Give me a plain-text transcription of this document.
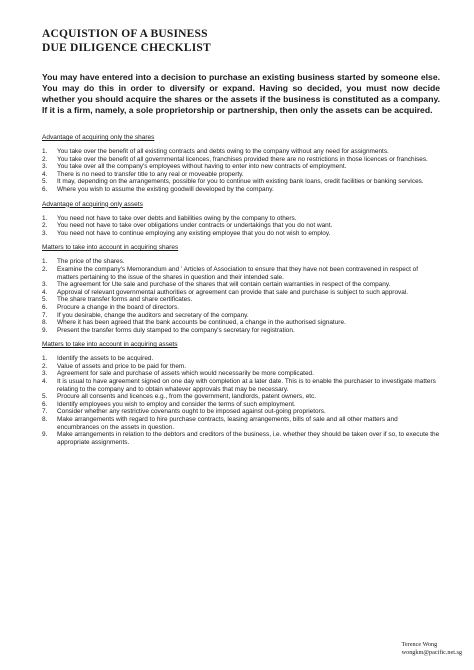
ACQUISTION OF A BUSINESS
DUE DILIGENCE CHECKLIST

You may have entered into a decision to purchase an existing business started by someone else. You may do this in order to diversify or expand. Having so decided, you must now decide whether you should acquire the shares or the assets if the business is constituted as a company. If it is a firm, namely, a sole proprietorship or partnership, then only the assets can be acquired.

Advantage of acquiring only the shares

1.	You take over the benefit of all existing contracts and debts owing to the company without any need for assignments.
2.	You take over the benefit of all governmental licences, franchises provided there are no restrictions in those licences or franchises.
3.	You take over all the company's employees without having to enter into new contracts of employment.
4.	There is no need to transfer title to any real or moveable property.
5.	It may, depending on the arrangements, possible for you to continue with existing bank loans, credit facilities or banking services.
6.	Where you wish to assume the existing goodwill developed by the company.

Advantage of acquiring only assets

1.	You need not have to take over debts and liabilities owing by the company to others.
2.	You need not have to take over obligations under contracts or undertakings that you do not want.
3.	You need not have to continue employing any existing employee that you do not wish to employ.

Matters to take into account in acquiring shares

1.	The price of the shares.
2.	Examine the company's Memorandum and ' Articles of Association to ensure that they have not been contravened in respect of matters pertaining to the issue of the shares in question and their intended sale.
3.	The agreement for Ute sale and purchase of the shares that will contain certain warranties in respect of the company.
4.	Approval of relevant governmental authorities or agreement can provide that sale and purchase is subject to such approval.
5.	The share transfer forms and share certificates.
6.	Procure a change in the board of directors.
7.	If you desirable, change the auditors and secretary of the company.
8.	Where it has been agreed that the bank accounts be continued, a change in the authorised signature.
9.	Present the transfer forms duly stamped to the company's secretary for registration.

Matters to take into account in acquiring assets

1.	Identify the assets to be acquired.
2.	Value of assets and price to be paid for them.
3.	Agreement for sale and purchase of assets which would necessarily be more complicated.
4.	It is usual to have agreement signed on one day with completion at a later date. This is to enable the purchaser to investigate matters relating to the company and to obtain whatever approvals that may be necessary.
5.	Procure all consents and licences e.g., from the government, landlords, patent owners, etc.
6.	Identify employees you wish to employ and consider the terms of such employment.
7.	Consider whether any restrictive covenants ought to be imposed against out-going proprietors.
8.	Make arrangements with regard to hire purchase contracts, leasing arrangements, bills of sale and all other matters and encumbrances on the assets in question.
9.	Make arrangements in relation to the debtors and creditors of the business, i.e. whether they should be taken over if so, to execute the appropriate assignments.
Terence Wong
wongkm@pacific.net.sg
